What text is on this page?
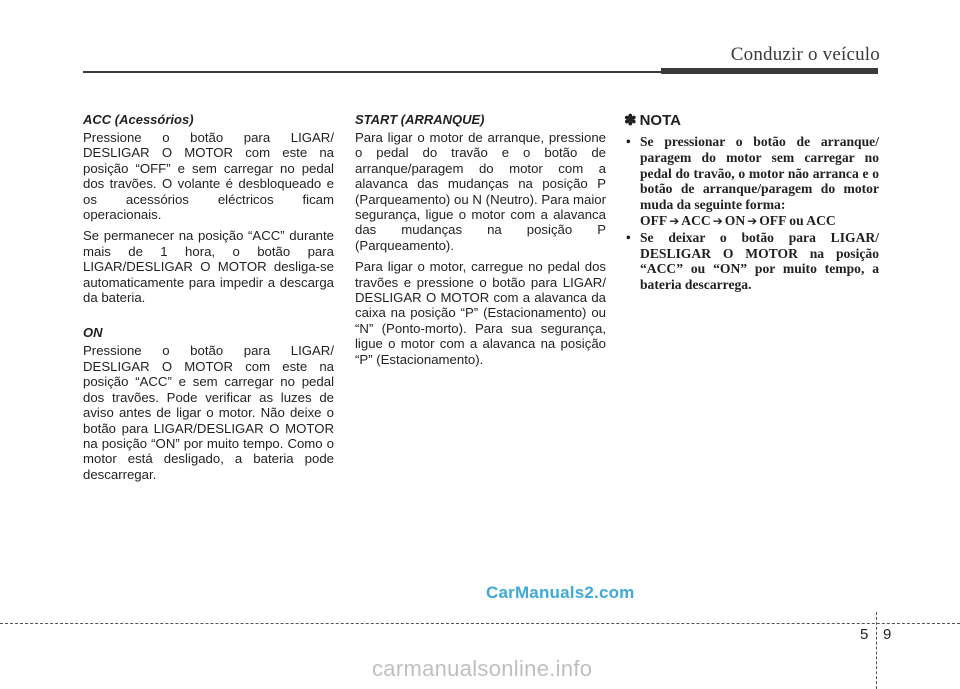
Conduzir o veículo
ACC (Acessórios)

Pressione o botão para LIGAR/ DESLIGAR O MOTOR com este na posição “OFF” e sem carregar no pedal dos travões. O volante é desbloqueado e os acessórios eléctricos ficam operacionais.

Se permanecer na posição “ACC” durante mais de 1 hora, o botão para LIGAR/DESLIGAR O MOTOR desliga-se automaticamente para impedir a descarga da bateria.

ON

Pressione o botão para LIGAR/ DESLIGAR O MOTOR com este na posição “ACC” e sem carregar no pedal dos travões. Pode verificar as luzes de aviso antes de ligar o motor. Não deixe o botão para LIGAR/DESLIGAR O MOTOR na posição “ON” por muito tempo. Como o motor está desligado, a bateria pode descarregar.

START (ARRANQUE)

Para ligar o motor de arranque, pressione o pedal do travão e o botão de arranque/paragem do motor com a alavanca das mudanças na posição P (Parqueamento) ou N (Neutro). Para maior segurança, ligue o motor com a alavanca das mudanças na posição P (Parqueamento).

Para ligar o motor, carregue no pedal dos travões e pressione o botão para LIGAR/ DESLIGAR O MOTOR com a alavanca da caixa na posição “P” (Estacionamento) ou “N” (Ponto-morto). Para sua segurança, ligue o motor com a alavanca na posição “P” (Estacionamento).

✽ NOTA
• Se pressionar o botão de arranque/ paragem do motor sem carregar no pedal do travão, o motor não arranca e o botão de arranque/paragem do motor muda da seguinte forma:
OFF ➔ ACC ➔ ON ➔ OFF ou ACC
• Se deixar o botão para LIGAR/ DESLIGAR O MOTOR na posição “ACC” ou “ON” por muito tempo, a bateria descarrega.
CarManuals2.com
5 9
carmanualsonline.info
